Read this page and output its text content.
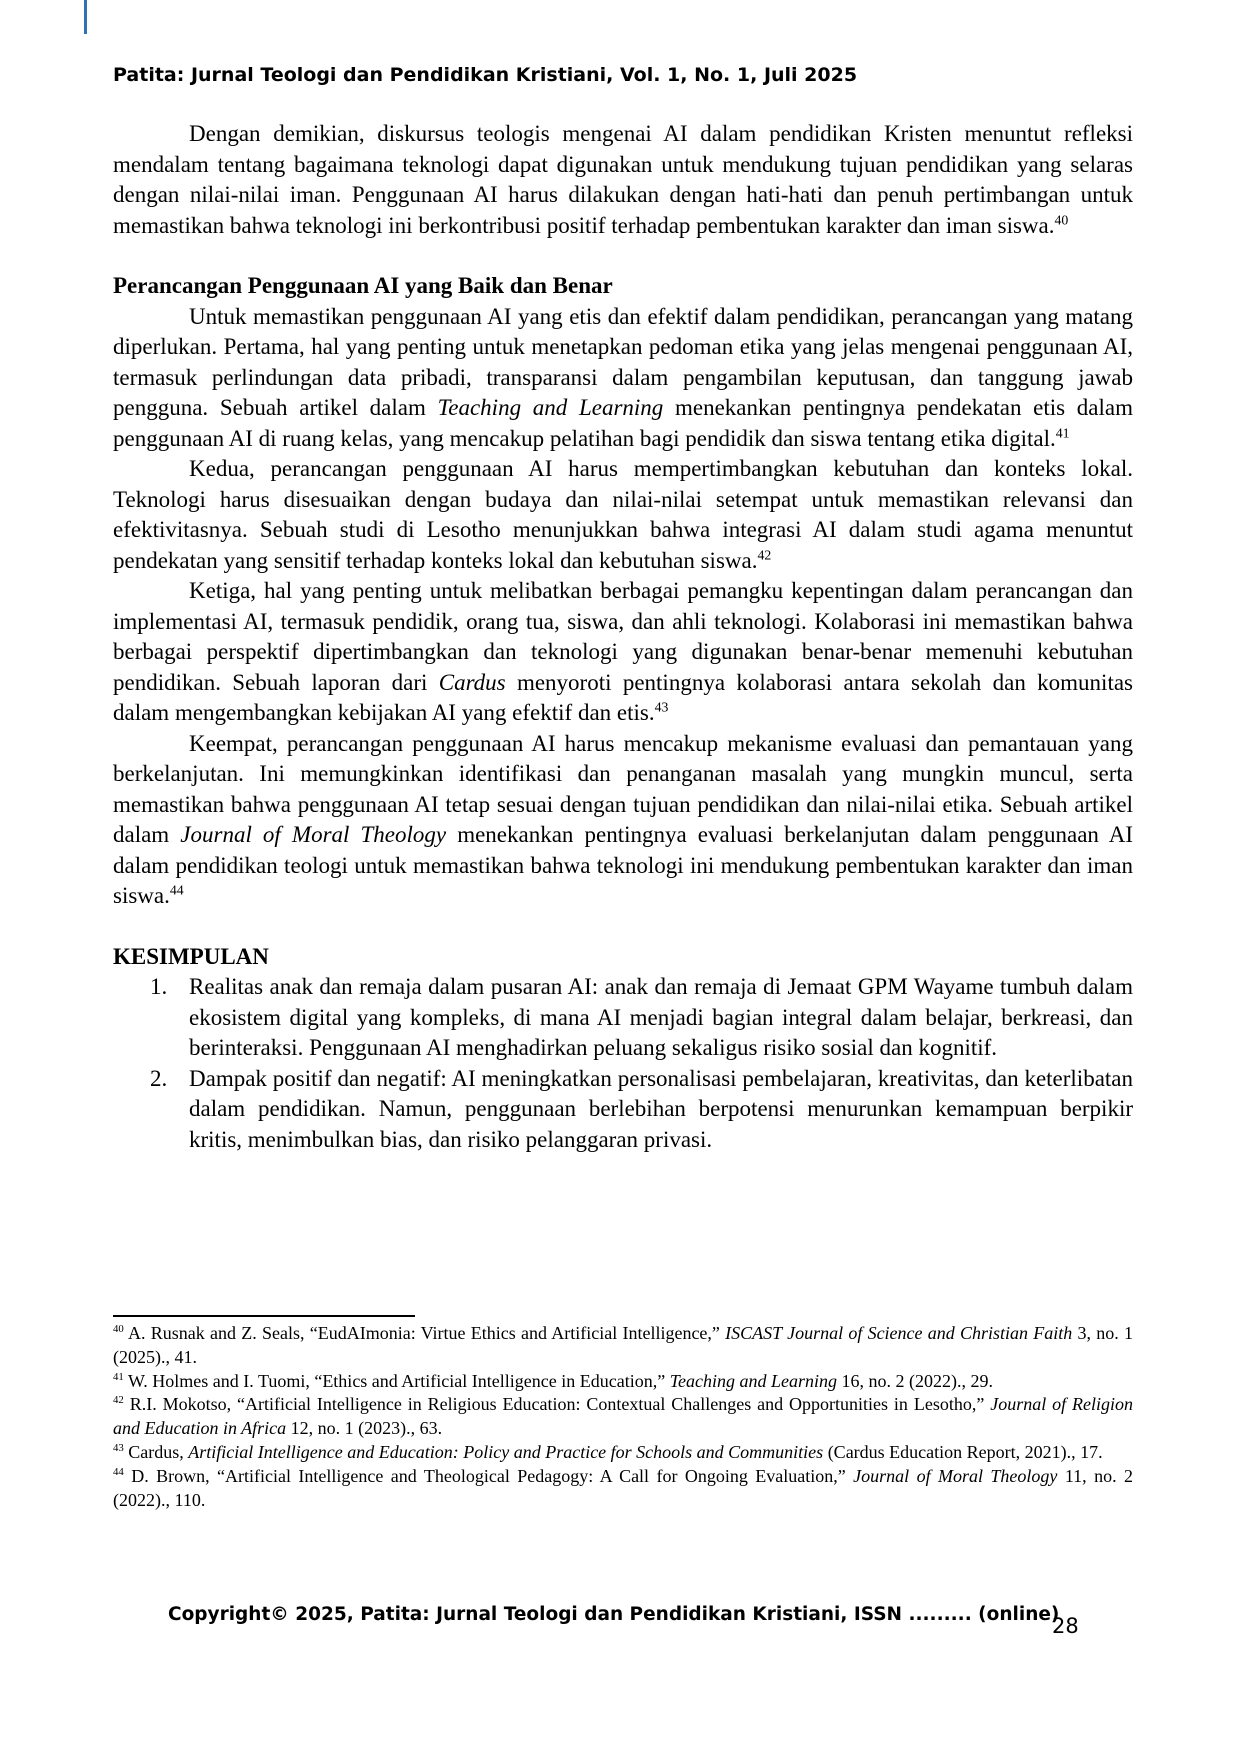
Patita: Jurnal Teologi dan Pendidikan Kristiani, Vol. 1, No. 1, Juli 2025

Dengan demikian, diskursus teologis mengenai AI dalam pendidikan Kristen menuntut refleksi mendalam tentang bagaimana teknologi dapat digunakan untuk mendukung tujuan pendidikan yang selaras dengan nilai-nilai iman. Penggunaan AI harus dilakukan dengan hati-hati dan penuh pertimbangan untuk memastikan bahwa teknologi ini berkontribusi positif terhadap pembentukan karakter dan iman siswa.$^{40}$

Perancangan Penggunaan AI yang Baik dan Benar

Untuk memastikan penggunaan AI yang etis dan efektif dalam pendidikan, perancangan yang matang diperlukan. Pertama, hal yang penting untuk menetapkan pedoman etika yang jelas mengenai penggunaan AI, termasuk perlindungan data pribadi, transparansi dalam pengambilan keputusan, dan tanggung jawab pengguna. Sebuah artikel dalam Teaching and Learning menekankan pentingnya pendekatan etis dalam penggunaan AI di ruang kelas, yang mencakup pelatihan bagi pendidik dan siswa tentang etika digital.$^{41}$

Kedua, perancangan penggunaan AI harus mempertimbangkan kebutuhan dan konteks lokal. Teknologi harus disesuaikan dengan budaya dan nilai-nilai setempat untuk memastikan relevansi dan efektivitasnya. Sebuah studi di Lesotho menunjukkan bahwa integrasi AI dalam studi agama menuntut pendekatan yang sensitif terhadap konteks lokal dan kebutuhan siswa.$^{42}$

Ketiga, hal yang penting untuk melibatkan berbagai pemangku kepentingan dalam perancangan dan implementasi AI, termasuk pendidik, orang tua, siswa, dan ahli teknologi. Kolaborasi ini memastikan bahwa berbagai perspektif dipertimbangkan dan teknologi yang digunakan benar-benar memenuhi kebutuhan pendidikan. Sebuah laporan dari Cardus menyoroti pentingnya kolaborasi antara sekolah dan komunitas dalam mengembangkan kebijakan AI yang efektif dan etis.$^{43}$

Keempat, perancangan penggunaan AI harus mencakup mekanisme evaluasi dan pemantauan yang berkelanjutan. Ini memungkinkan identifikasi dan penanganan masalah yang mungkin muncul, serta memastikan bahwa penggunaan AI tetap sesuai dengan tujuan pendidikan dan nilai-nilai etika. Sebuah artikel dalam Journal of Moral Theology menekankan pentingnya evaluasi berkelanjutan dalam penggunaan AI dalam pendidikan teologi untuk memastikan bahwa teknologi ini mendukung pembentukan karakter dan iman siswa.$^{44}$

KESIMPULAN
1. Realitas anak dan remaja dalam pusaran AI: anak dan remaja di Jemaat GPM Wayame tumbuh dalam ekosistem digital yang kompleks, di mana AI menjadi bagian integral dalam belajar, berkreasi, dan berinteraksi. Penggunaan AI menghadirkan peluang sekaligus risiko sosial dan kognitif.
2. Dampak positif dan negatif: AI meningkatkan personalisasi pembelajaran, kreativitas, dan keterlibatan dalam pendidikan. Namun, penggunaan berlebihan berpotensi menurunkan kemampuan berpikir kritis, menimbulkan bias, dan risiko pelanggaran privasi.

$^{40}$ A. Rusnak and Z. Seals, “EudAImonia: Virtue Ethics and Artificial Intelligence,” ISCAST Journal of Science and Christian Faith 3, no. 1 (2025)., 41.

$^{41}$ W. Holmes and I. Tuomi, “Ethics and Artificial Intelligence in Education,” Teaching and Learning 16, no. 2 (2022)., 29.

$^{42}$ R.I. Mokotso, “Artificial Intelligence in Religious Education: Contextual Challenges and Opportunities in Lesotho,” Journal of Religion and Education in Africa 12, no. 1 (2023)., 63.

$^{43}$ Cardus, Artificial Intelligence and Education: Policy and Practice for Schools and Communities (Cardus Education Report, 2021)., 17.

$^{44}$ D. Brown, “Artificial Intelligence and Theological Pedagogy: A Call for Ongoing Evaluation,” Journal of Moral Theology 11, no. 2 (2022)., 110.

Copyright© 2025, Patita: Jurnal Teologi dan Pendidikan Kristiani, ISSN ......... (online)
28
